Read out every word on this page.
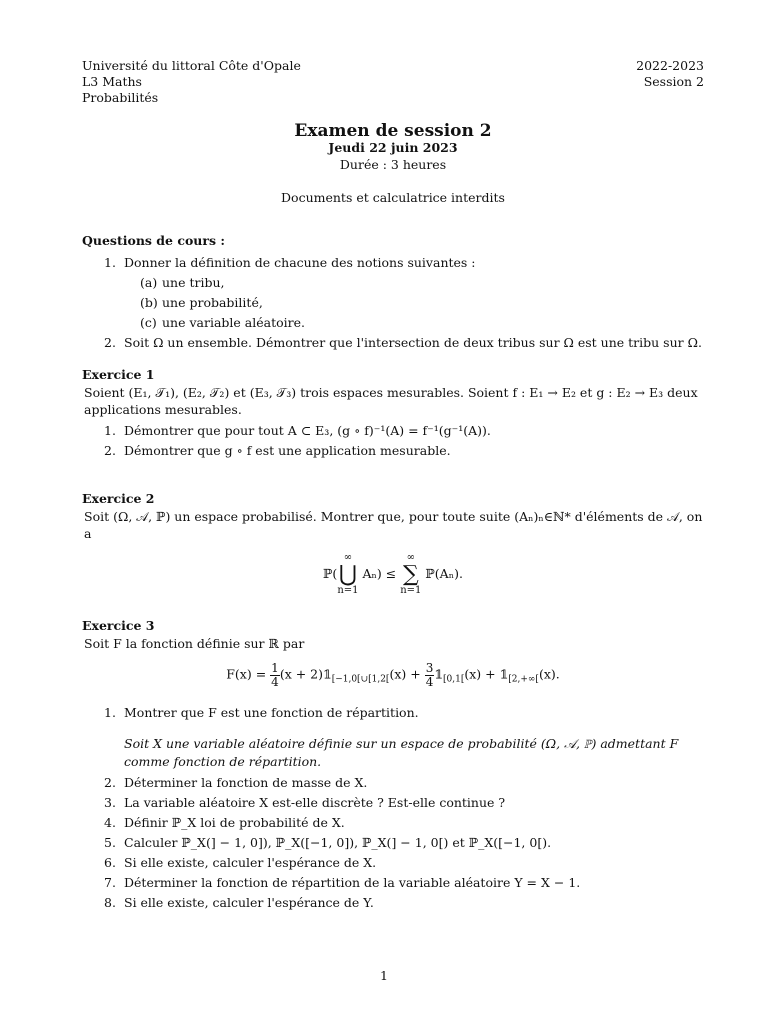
Université du littoral Côte d'Opale
L3 Maths
Probabilités
2022-2023
Session 2
Examen de session 2
Jeudi 22 juin 2023
Durée : 3 heures
Documents et calculatrice interdits
Questions de cours :
1. Donner la définition de chacune des notions suivantes :
(a) une tribu,
(b) une probabilité,
(c) une variable aléatoire.
2. Soit Ω un ensemble. Démontrer que l'intersection de deux tribus sur Ω est une tribu sur Ω.
Exercice 1
Soient (E₁, 𝒯₁), (E₂, 𝒯₂) et (E₃, 𝒯₃) trois espaces mesurables. Soient f : E₁ → E₂ et g : E₂ → E₃ deux applications mesurables.
1. Démontrer que pour tout A ⊂ E₃, (g ∘ f)⁻¹(A) = f⁻¹(g⁻¹(A)).
2. Démontrer que g ∘ f est une application mesurable.
Exercice 2
Soit (Ω, 𝒜, ℙ) un espace probabilisé. Montrer que, pour toute suite (Aₙ)ₙ∈ℕ* d'éléments de 𝒜, on a
ℙ(
∞
⋃
n=1
Aₙ) ≤
∞
∑
n=1
ℙ(Aₙ).
Exercice 3
Soit F la fonction définie sur ℝ par
$F(x) = \frac{1}{4} (x$ + $2)𝟙_{[-1,0[\cup[1,2[}(x) + \frac{3}{4}$ $𝟙_{[0,1[}(x)$ + $𝟙_{[2,+\infty[}(x)$.
1. Montrer que F est une fonction de répartition.
Soit X une variable aléatoire définie sur un espace de probabilité (Ω, 𝒜, ℙ) admettant F comme fonction de répartition.
2. Déterminer la fonction de masse de X.
3. La variable aléatoire X est-elle discrète ? Est-elle continue ?
4. Définir ℙ_X loi de probabilité de X.
5. Calculer ℙ_X(] − 1, 0]), ℙ_X([−1, 0]), ℙ_X(] − 1, 0[) et ℙ_X([−1, 0[).
6. Si elle existe, calculer l'espérance de X.
7. Déterminer la fonction de répartition de la variable aléatoire Y = X − 1.
8. Si elle existe, calculer l'espérance de Y.
1
